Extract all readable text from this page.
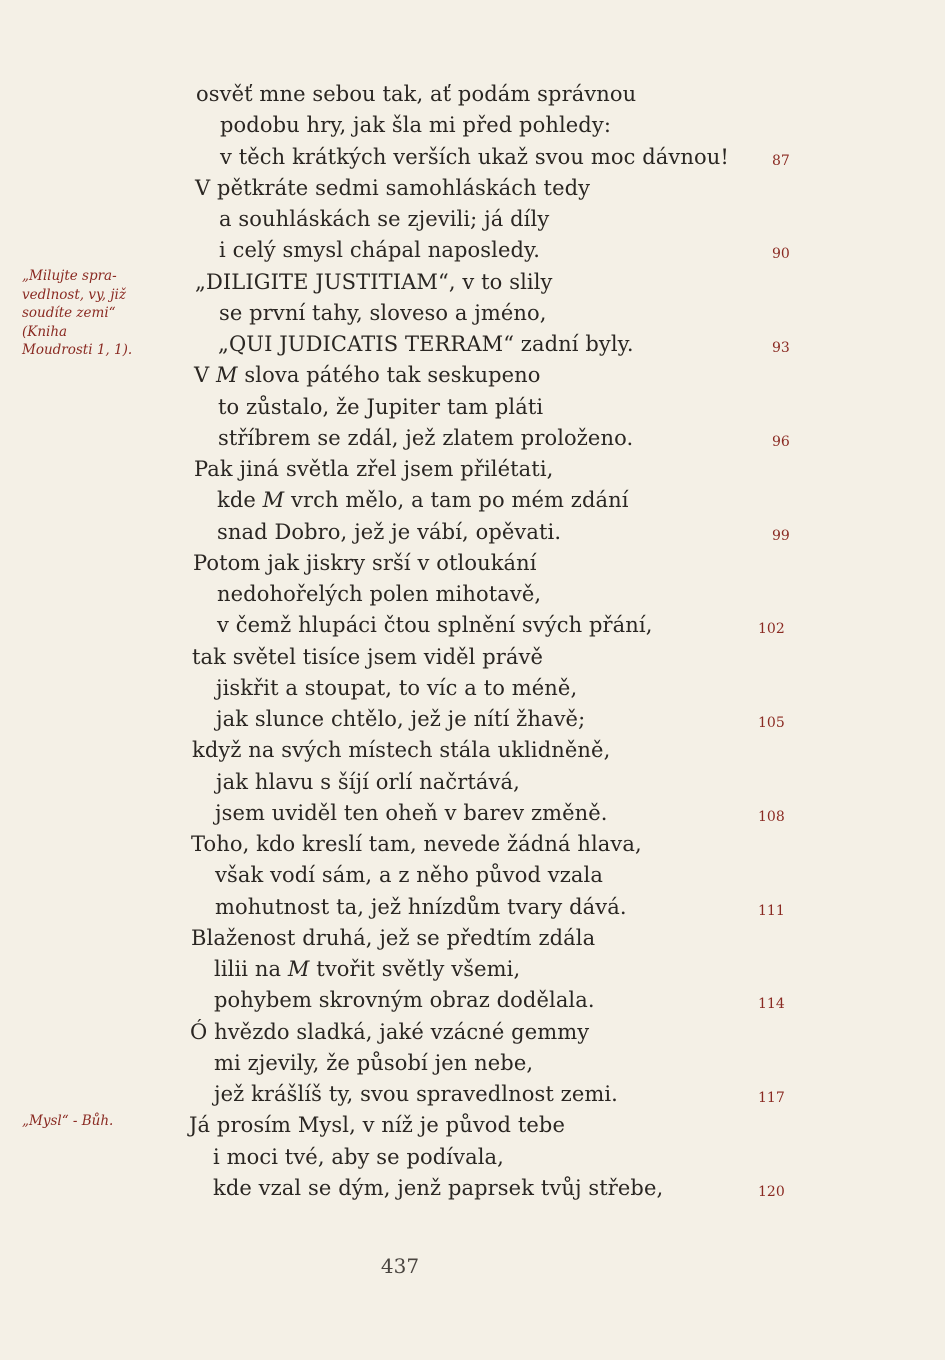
osvěť mne sebou tak, ať podám správnou
podobu hry, jak šla mi před pohledy:
v těch krátkých verších ukaž svou moc dávnou!
V pětkráte sedmi samohláskách tedy
a souhláskách se zjevili; já díly
i celý smysl chápal naposledy.
„DILIGITE JUSTITIAM“, v to slily
se první tahy, sloveso a jméno,
„QUI JUDICATIS TERRAM“ zadní byly.
V M slova pátého tak seskupeno
to zůstalo, že Jupiter tam pláti
stříbrem se zdál, jež zlatem proloženo.
Pak jiná světla zřel jsem přilétati,
kde M vrch mělo, a tam po mém zdání
snad Dobro, jež je vábí, opěvati.
Potom jak jiskry srší v otloukání
nedohořelých polen mihotavě,
v čemž hlupáci čtou splnění svých přání,
tak světel tisíce jsem viděl právě
jiskřit a stoupat, to víc a to méně,
jak slunce chtělo, jež je nítí žhavě;
když na svých místech stála uklidněně,
jak hlavu s šíjí orlí načrtává,
jsem uviděl ten oheň v barev změně.
Toho, kdo kreslí tam, nevede žádná hlava,
však vodí sám, a z něho původ vzala
mohutnost ta, jež hnízdům tvary dává.
Blaženost druhá, jež se předtím zdála
lilii na M tvořit světly všemi,
pohybem skrovným obraz dodělala.
Ó hvězdo sladká, jaké vzácné gemmy
mi zjevily, že působí jen nebe,
jež krášlíš ty, svou spravedlnost zemi.
Já prosím Mysl, v níž je původ tebe
i moci tvé, aby se podívala,
kde vzal se dým, jenž paprsek tvůj střebe,
87
90
93
96
99
102
105
108
111
114
117
120
„Milujte spra-
vedlnost, vy, již
soudíte zemi“
(Kniha
Moudrosti 1, 1).
„Mysl“ - Bůh.
437
